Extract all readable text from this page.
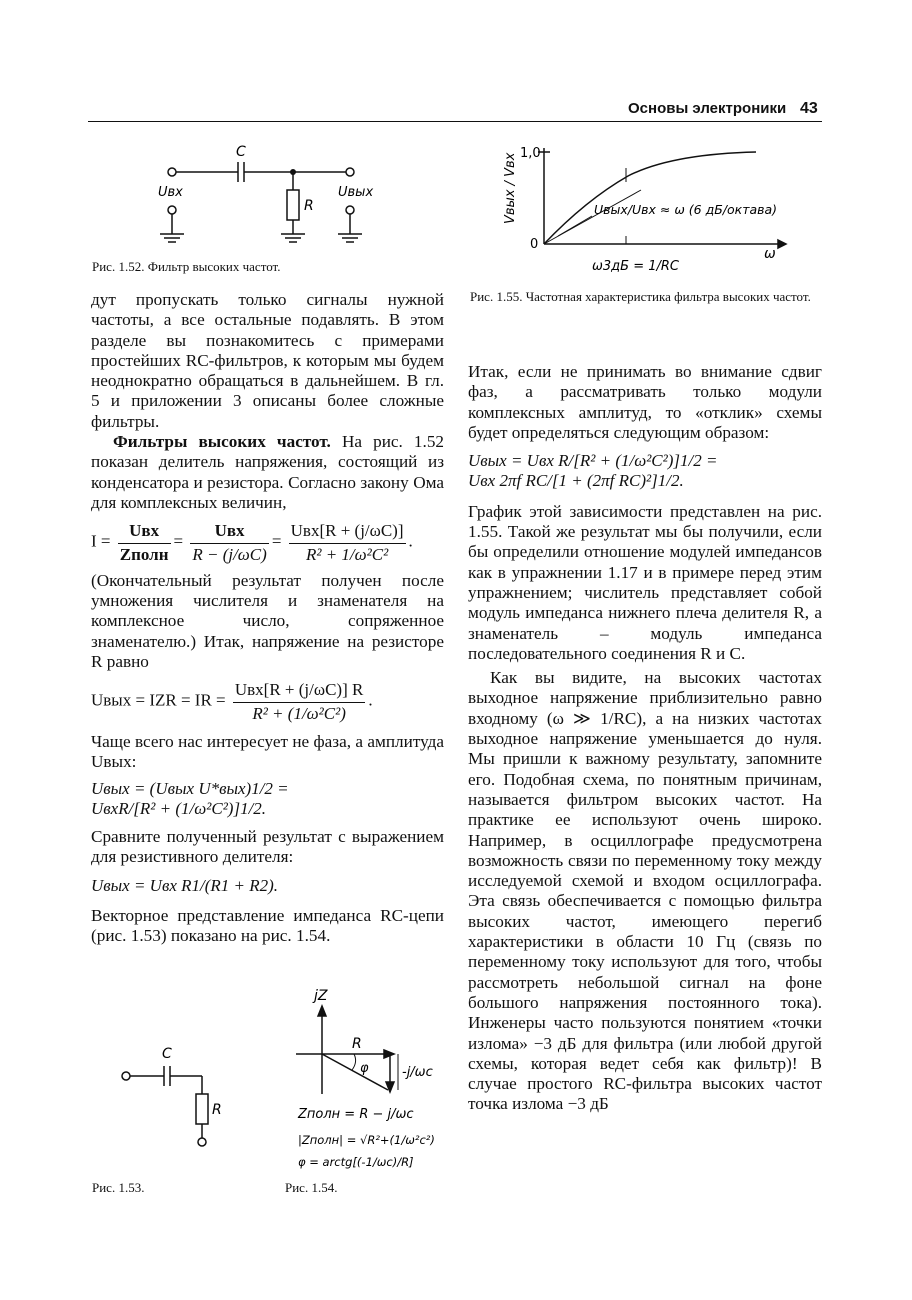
Основы электроники 43
C
R
Uвх	Uвых
Рис. 1.52. Фильтр высоких частот.
Vвых / Vвх 1,0
0
Uвых/Uвх ≈ ω (6 дБ/октава)
ω
ω3дБ = 1/RC
Рис. 1.55. Частотная характеристика фильтра высоких частот.

дут пропускать только сигналы нужной частоты, а все остальные подавлять. В этом разделе вы познакомитесь с примерами простейших RC-фильтров, к которым мы будем неоднократно обращаться в дальнейшем. В гл. 5 и приложении 3 описаны более сложные фильтры.

Фильтры высоких частот. На рис. 1.52 показан делитель напряжения, состоящий из конденсатора и резистора. Согласно закону Ома для комплексных величин,

$I = \frac{\text{Uвх}}{\text{Zполн}} = \frac{\text{Uвх}}{R - (j/\omega C)} = \frac{\text{Uвх[R + (j/ωC)]}}{\text{R² + 1/ω²C²}}$ .

(Окончательный результат получен после умножения числителя и знаменателя на комплексное число, сопряженное знаменателю.) Итак, напряжение на резисторе R равно

Uвых = IZR = IR = $\frac{\text{Uвх[R + (j/ωC)] R}}{\text{R² + (1/ω²C²)}}$ .

Чаще всего нас интересует не фаза, а амплитуда Uвых:

Uвых = (Uвых U*вых)1/2 =
UвхR/[R² + (1/ω²C²)]1/2.

Сравните полученный результат с выражением для резистивного делителя:

Uвых = Uвх R1/(R1 + R2).

Векторное представление импеданса RC-цепи (рис. 1.53) показано на рис. 1.54.

C
R
Рис. 1.53.
jZ
R
φ	-j/ωc
Zполн = R − j/ωc
|Zполн| = √R²+(1/ω²c²)
φ = arctg[(-1/ωc)/R]
Рис. 1.54.

Итак, если не принимать во внимание сдвиг фаз, а рассматривать только модули комплексных амплитуд, то «отклик» схемы будет определяться следующим образом:

Uвых = Uвх R/[R² + (1/ω²C²)]1/2 =
Uвх 2πf RC/[1 + (2πf RC)²]1/2.

График этой зависимости представлен на рис. 1.55. Такой же результат мы бы получили, если бы определили отношение модулей импедансов как в упражнении 1.17 и в примере перед этим упражнением; числитель представляет собой модуль импеданса нижнего плеча делителя R, а знаменатель – модуль импеданса последовательного соединения R и C.

Как вы видите, на высоких частотах выходное напряжение приблизительно равно входному (ω ≫ 1/RC), а на низких частотах выходное напряжение уменьшается до нуля. Мы пришли к важному результату, запомните его. Подобная схема, по понятным причинам, называется фильтром высоких частот. На практике ее используют очень широко. Например, в осциллографе предусмотрена возможность связи по переменному току между исследуемой схемой и входом осциллографа. Эта связь обеспечивается с помощью фильтра высоких частот, имеющего перегиб характеристики в области 10 Гц (связь по переменному току используют для того, чтобы рассмотреть небольшой сигнал на фоне большого напряжения постоянного тока). Инженеры часто пользуются понятием «точки излома» −3 дБ для фильтра (или любой другой схемы, которая ведет себя как фильтр)! В случае простого RC-фильтра высоких частот точка излома −3 дБ
